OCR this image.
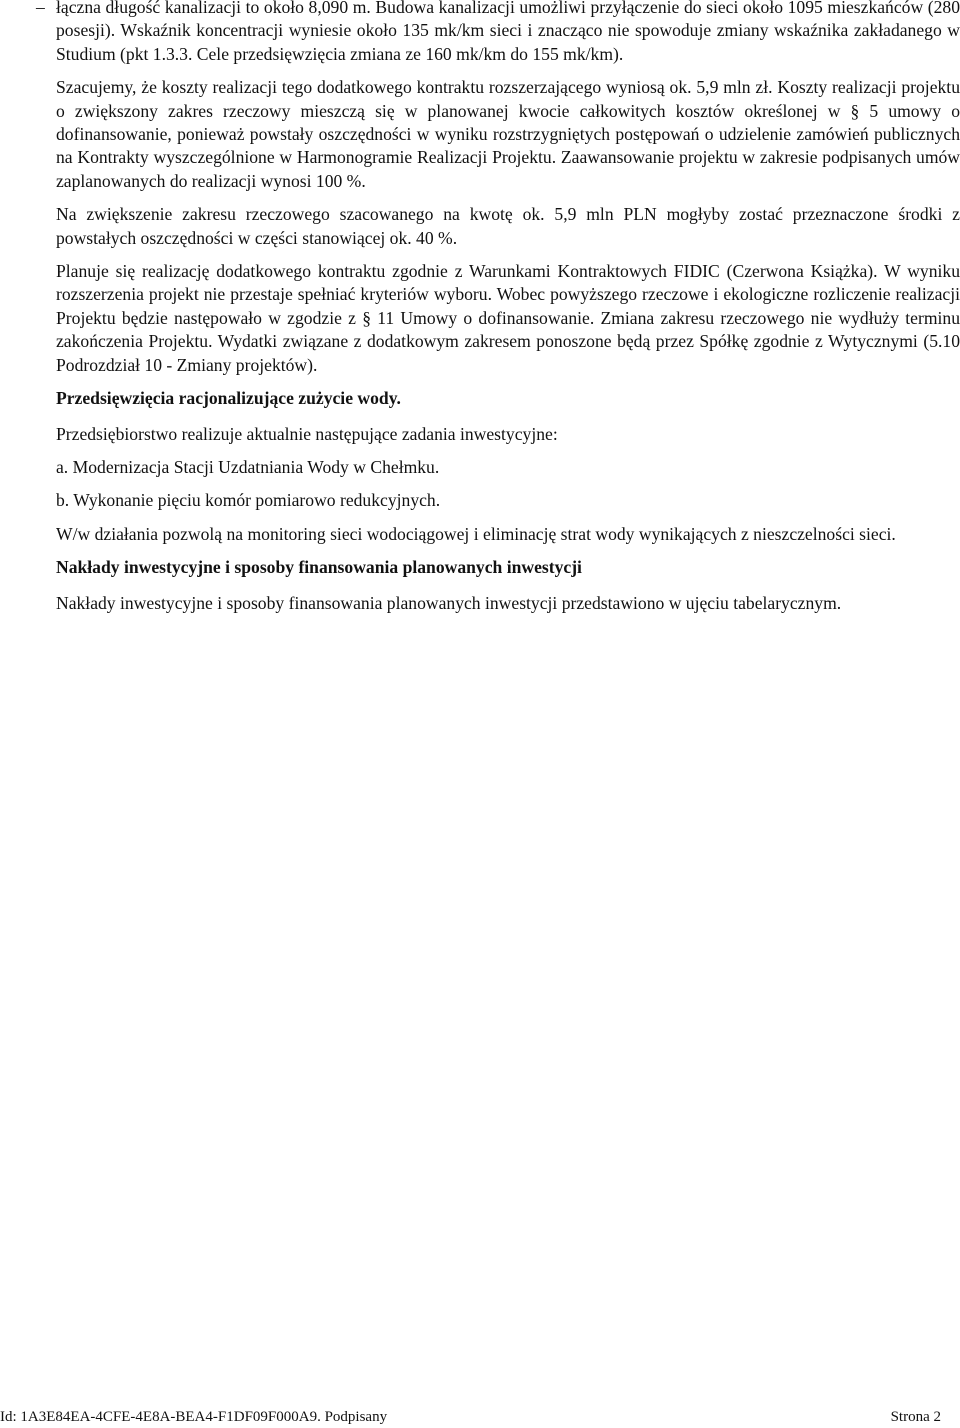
– łączna długość kanalizacji to około 8,090 m. Budowa kanalizacji umożliwi przyłączenie do sieci około 1095 mieszkańców (280 posesji). Wskaźnik koncentracji wyniesie około 135 mk/km sieci i znacząco nie spowoduje zmiany wskaźnika zakładanego w Studium (pkt 1.3.3. Cele przedsięwzięcia zmiana ze 160 mk/km do 155 mk/km).

Szacujemy, że koszty realizacji tego dodatkowego kontraktu rozszerzającego wyniosą ok. 5,9 mln zł. Koszty realizacji projektu o zwiększony zakres rzeczowy mieszczą się w planowanej kwocie całkowitych kosztów określonej w § 5 umowy o dofinansowanie, ponieważ powstały oszczędności w wyniku rozstrzygniętych postępowań o udzielenie zamówień publicznych na Kontrakty wyszczególnione w Harmonogramie Realizacji Projektu. Zaawansowanie projektu w zakresie podpisanych umów zaplanowanych do realizacji wynosi 100 %.

Na zwiększenie zakresu rzeczowego szacowanego na kwotę ok. 5,9 mln PLN mogłyby zostać przeznaczone środki z powstałych oszczędności w części stanowiącej ok. 40 %.

Planuje się realizację dodatkowego kontraktu zgodnie z Warunkami Kontraktowych FIDIC (Czerwona Książka). W wyniku rozszerzenia projekt nie przestaje spełniać kryteriów wyboru. Wobec powyższego rzeczowe i ekologiczne rozliczenie realizacji Projektu będzie następowało w zgodzie z § 11 Umowy o dofinansowanie. Zmiana zakresu rzeczowego nie wydłuży terminu zakończenia Projektu. Wydatki związane z dodatkowym zakresem ponoszone będą przez Spółkę zgodnie z Wytycznymi (5.10 Podrozdział 10 - Zmiany projektów).

Przedsięwzięcia racjonalizujące zużycie wody.

Przedsiębiorstwo realizuje aktualnie następujące zadania inwestycyjne:

a. Modernizacja Stacji Uzdatniania Wody w Chełmku.

b. Wykonanie pięciu komór pomiarowo redukcyjnych.

W/w działania pozwolą na monitoring sieci wodociągowej i eliminację strat wody wynikających z nieszczelności sieci.

Nakłady inwestycyjne i sposoby finansowania planowanych inwestycji

Nakłady inwestycyjne i sposoby finansowania planowanych inwestycji przedstawiono w ujęciu tabelarycznym.

Id: 1A3E84EA-4CFE-4E8A-BEA4-F1DF09F000A9. Podpisany	Strona 2
